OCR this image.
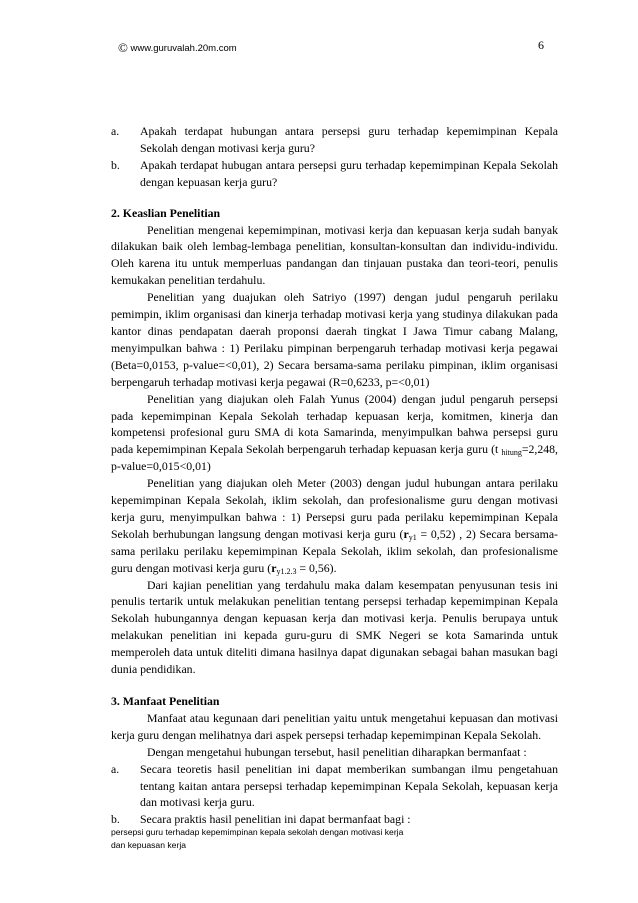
© www.guruvalah.20m.com	6
a. Apakah terdapat hubungan antara persepsi guru terhadap kepemimpinan Kepala Sekolah dengan motivasi kerja guru?
b. Apakah terdapat hubugan antara persepsi guru terhadap kepemimpinan Kepala Sekolah dengan kepuasan kerja guru?
2. Keaslian Penelitian
Penelitian mengenai kepemimpinan, motivasi kerja dan kepuasan kerja sudah banyak dilakukan baik oleh lembag-lembaga penelitian, konsultan-konsultan dan individu-individu. Oleh karena itu untuk memperluas pandangan dan tinjauan pustaka dan teori-teori, penulis kemukakan penelitian terdahulu.
Penelitian yang duajukan oleh Satriyo (1997) dengan judul pengaruh perilaku pemimpin, iklim organisasi dan kinerja terhadap motivasi kerja yang studinya dilakukan pada kantor dinas pendapatan daerah proponsi daerah tingkat I Jawa Timur cabang Malang, menyimpulkan bahwa : 1) Perilaku pimpinan berpengaruh terhadap motivasi kerja pegawai (Beta=0,0153, p-value=<0,01), 2) Secara bersama-sama perilaku pimpinan, iklim organisasi berpengaruh terhadap motivasi kerja pegawai (R=0,6233, p=<0,01)
Penelitian yang diajukan oleh Falah Yunus (2004) dengan judul pengaruh persepsi pada kepemimpinan Kepala Sekolah terhadap kepuasan kerja, komitmen, kinerja dan kompetensi profesional guru SMA di kota Samarinda, menyimpulkan bahwa persepsi guru pada kepemimpinan Kepala Sekolah berpengaruh terhadap kepuasan kerja guru (t $_{hitung}$=2,248, p-value=0,015<0,01)
Penelitian yang diajukan oleh Meter (2003) dengan judul hubungan antara perilaku kepemimpinan Kepala Sekolah, iklim sekolah, dan profesionalisme guru dengan motivasi kerja guru, menyimpulkan bahwa : 1) Persepsi guru pada perilaku kepemimpinan Kepala Sekolah berhubungan langsung dengan motivasi kerja guru $(r_{y1} = 0,52)$ , 2) Secara bersama-sama perilaku perilaku kepemimpinan Kepala Sekolah, iklim sekolah, dan profesionalisme guru dengan motivasi kerja guru $(r_{y1.2.3} = 0,56)$.
Dari kajian penelitian yang terdahulu maka dalam kesempatan penyusunan tesis ini penulis tertarik untuk melakukan penelitian tentang persepsi terhadap kepemimpinan Kepala Sekolah hubungannya dengan kepuasan kerja dan motivasi kerja. Penulis berupaya untuk melakukan penelitian ini kepada guru-guru di SMK Negeri se kota Samarinda untuk memperoleh data untuk diteliti dimana hasilnya dapat digunakan sebagai bahan masukan bagi dunia pendidikan.
3. Manfaat Penelitian
Manfaat atau kegunaan dari penelitian yaitu untuk mengetahui kepuasan dan motivasi kerja guru dengan melihatnya dari aspek persepsi terhadap kepemimpinan Kepala Sekolah.
Dengan mengetahui hubungan tersebut, hasil penelitian diharapkan bermanfaat :
a. Secara teoretis hasil penelitian ini dapat memberikan sumbangan ilmu pengetahuan tentang kaitan antara persepsi terhadap kepemimpinan Kepala Sekolah, kepuasan kerja dan motivasi kerja guru.
b. Secara praktis hasil penelitian ini dapat bermanfaat bagi :
persepsi guru terhadap kepemimpinan kepala sekolah dengan motivasi kerja
dan kepuasan kerja
